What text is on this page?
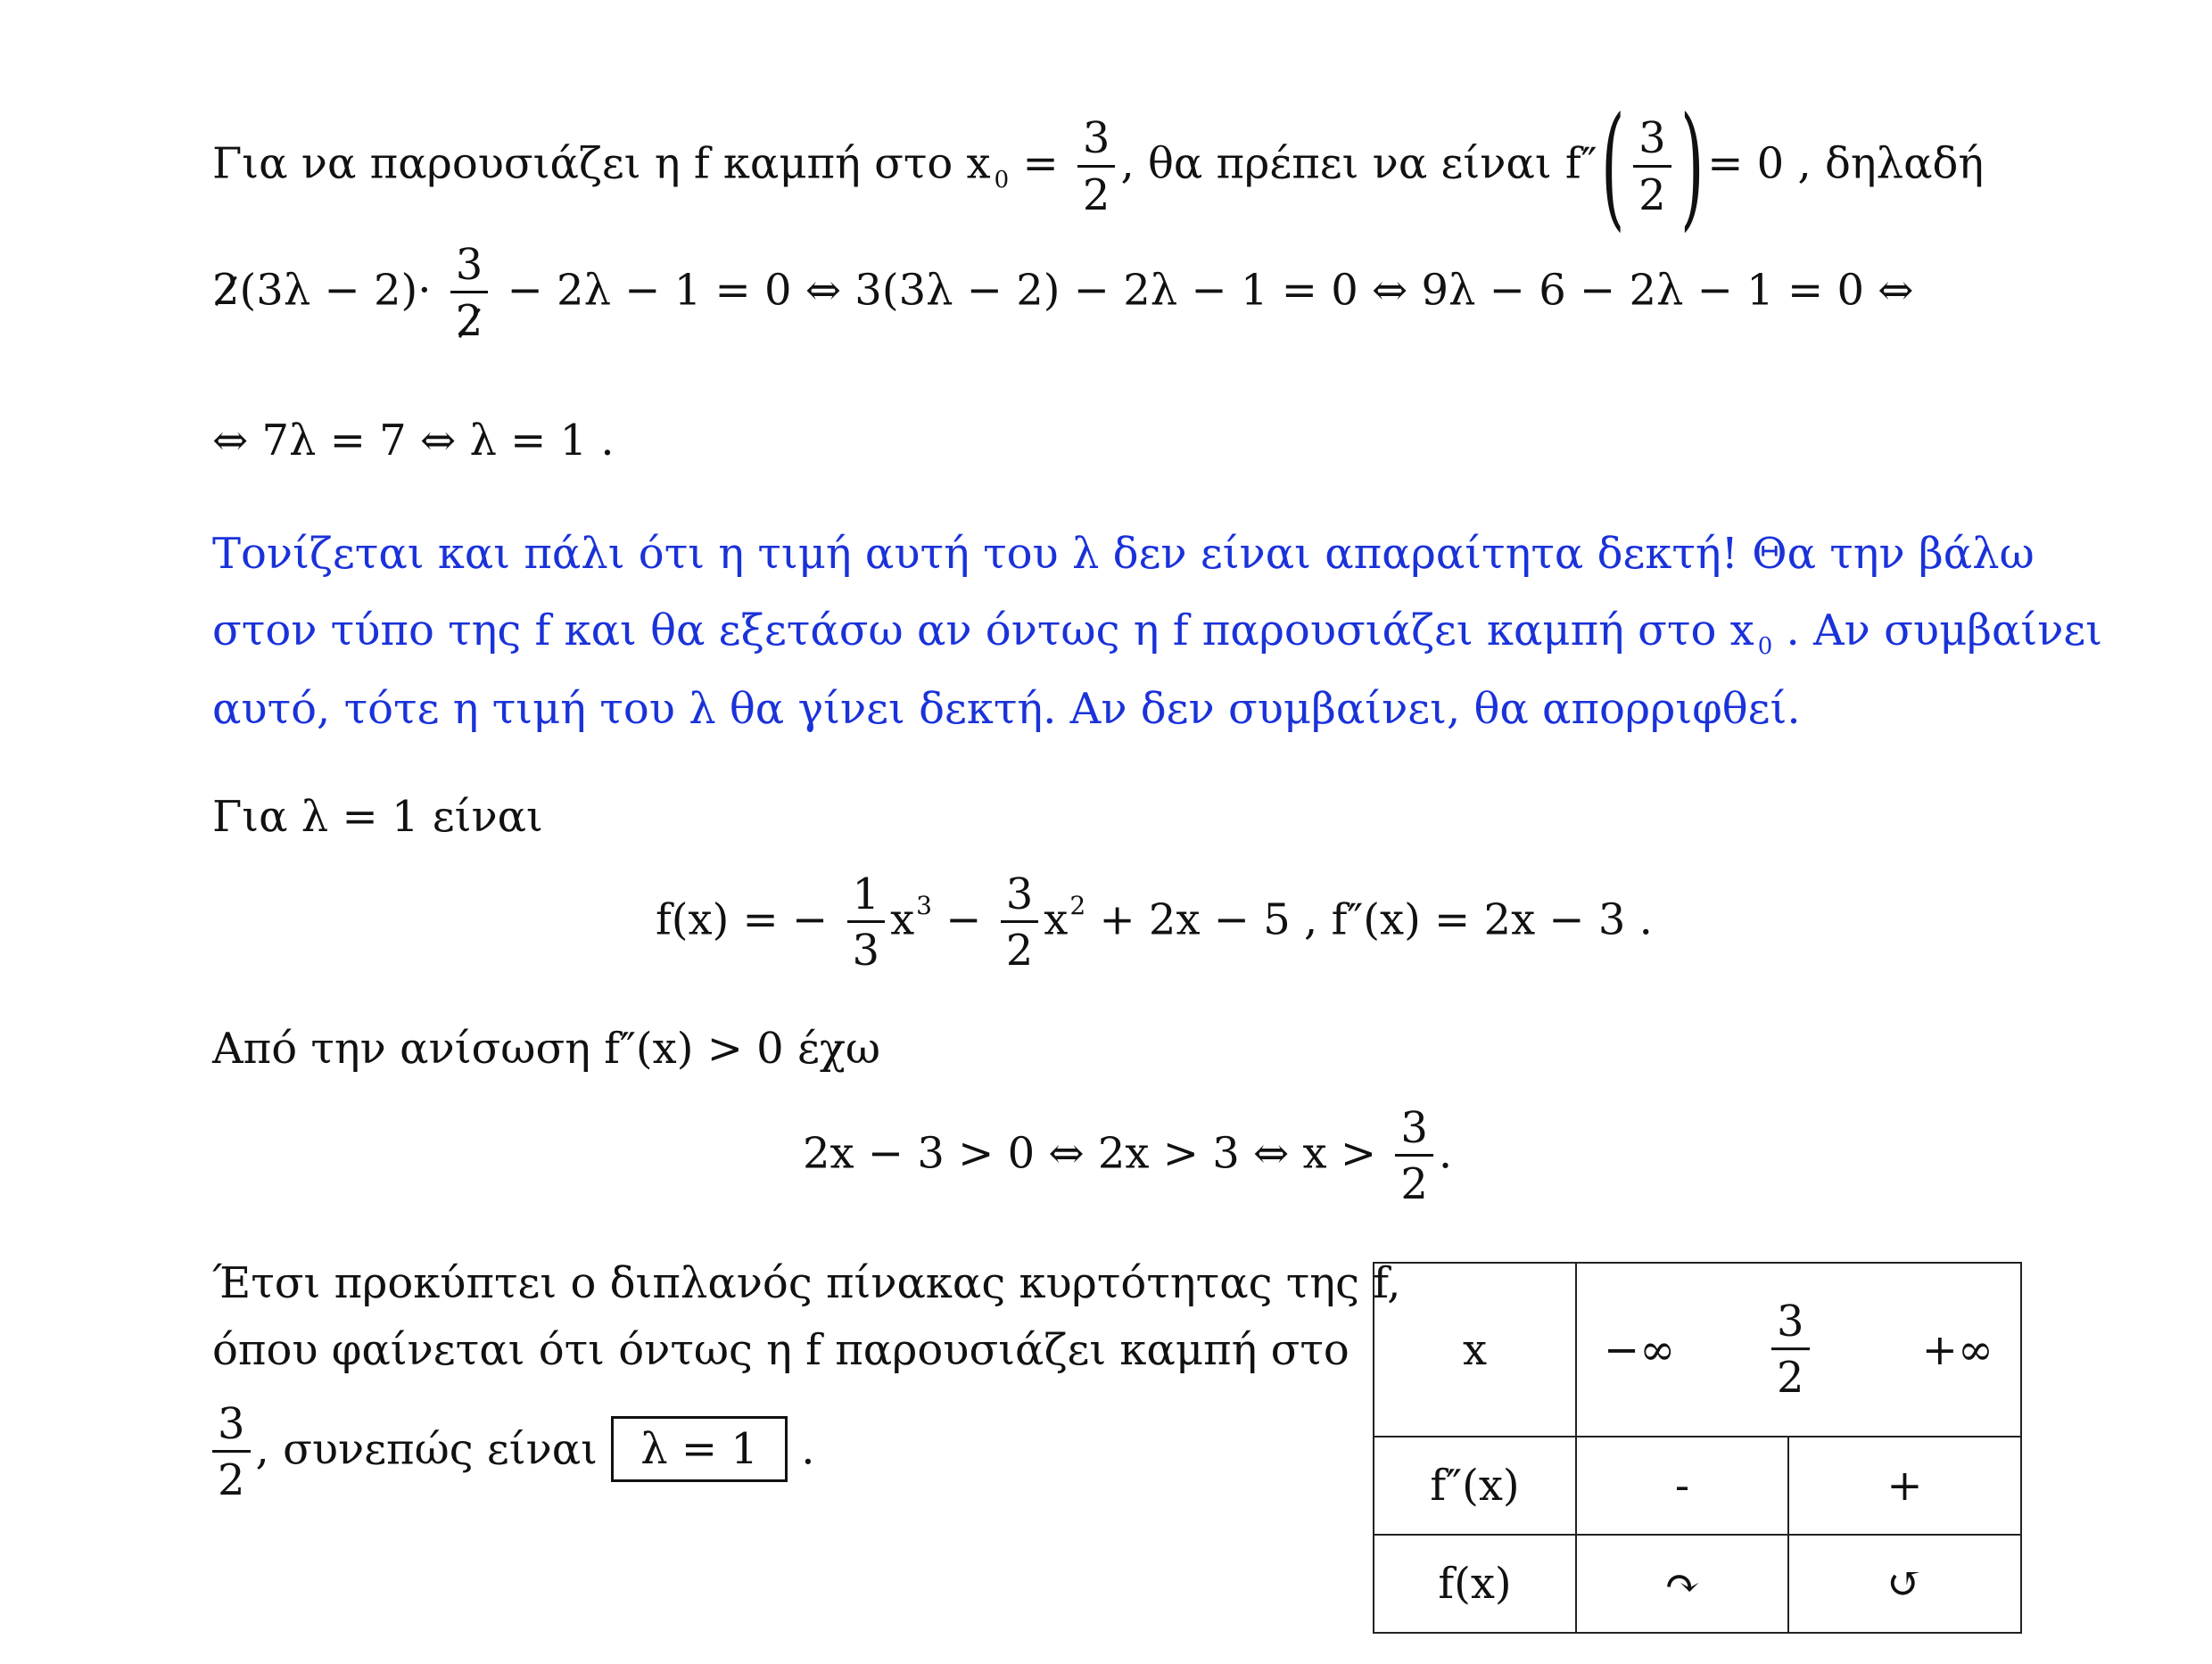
Για να παρουσιάζει η f καμπή στο x $_0 = \frac{3}{2}$ , θα πρέπει να είναι $f''( \frac{3}{2}$ )= 0 , δηλαδή
$2(3\lambda - 2)\cdot \frac{3}{2} - 2\lambda - 1 = 0$ ⇔ 3(3λ − 2) − 2λ − 1 = 0 ⇔ 9λ − 6 − 2λ − 1 = 0 ⇔
⇔ 7λ = 7 ⇔ λ = 1 .
Τονίζεται και πάλι ότι η τιμή αυτή του λ δεν είναι απαραίτητα δεκτή! Θα την βάλω
στον τύπο της f και θα εξετάσω αν όντως η f παρουσιάζει καμπή στο x $_0$ . Αν συμβαίνει
αυτό, τότε η τιμή του λ θα γίνει δεκτή. Αν δεν συμβαίνει, θα απορριφθεί.
Για λ = 1 είναι
f(x) = − $\frac{1}{3} x^3 - \frac{3}{2} x^2 + 2x - 5$ , f″(x) = 2x − 3 .
Από την ανίσωση f″(x) > 0 έχω
2x − 3 > 0 ⇔ 2x > 3 ⇔ $x > \frac{3}{2}$ .
Έτσι προκύπτει ο διπλανός πίνακας κυρτότητας της f,
όπου φαίνεται ότι όντως η f παρουσιάζει καμπή στο
$\frac{3}{2}$ , συνεπώς είναι λ = 1 .
x	−∞ $\frac{3}{2}$ +∞	

f″(x)	-	+
f(x)	↷	↺
